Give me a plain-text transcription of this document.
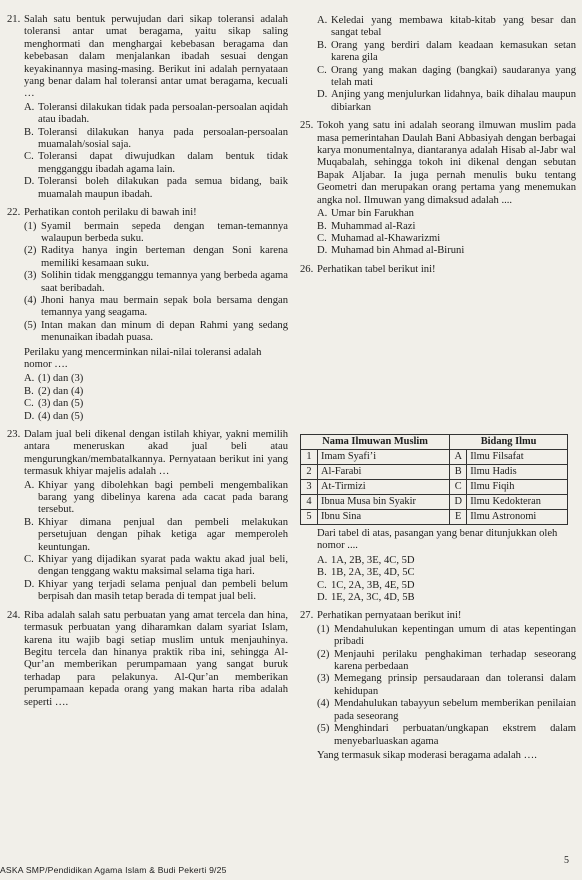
21. Salah satu bentuk perwujudan dari sikap toleransi adalah toleransi antar umat beragama, yaitu sikap saling menghormati dan menghargai kebebasan beragama dan kebebasan dalam menjalankan ibadah sesuai dengan keyakinannya masing-masing. Berikut ini adalah pernyataan yang benar dalam hal toleransi antar umat beragama, kecuali …

A. Toleransi dilakukan tidak pada persoalan-persoalan aqidah atau ibadah.
B. Toleransi dilakukan hanya pada persoalan-persoalan muamalah/sosial saja.
C. Toleransi dapat diwujudkan dalam bentuk tidak mengganggu ibadah agama lain.
D. Toleransi boleh dilakukan pada semua bidang, baik muamalah maupun ibadah.
22. Perhatikan contoh perilaku di bawah ini!

(1) Syamil bermain sepeda dengan teman-temannya walaupun berbeda suku.
(2) Raditya hanya ingin berteman dengan Soni karena memiliki kesamaan suku.
(3) Solihin tidak mengganggu temannya yang berbeda agama saat beribadah.
(4) Jhoni hanya mau bermain sepak bola bersama dengan temannya yang seagama.
(5) Intan makan dan minum di depan Rahmi yang sedang menunaikan ibadah puasa.

Perilaku yang mencerminkan nilai-nilai toleransi adalah nomor ….

A. (1) dan (3)
B. (2) dan (4)
C. (3) dan (5)
D. (4) dan (5)
23. Dalam jual beli dikenal dengan istilah khiyar, yakni memilih antara meneruskan akad jual beli atau mengurungkan/membatalkannya. Pernyataan berikut ini yang termasuk khiyar majelis adalah …

A. Khiyar yang dibolehkan bagi pembeli mengembalikan barang yang dibelinya karena ada cacat pada barang tersebut.
B. Khiyar dimana penjual dan pembeli melakukan persetujuan dengan pihak ketiga agar memperoleh keuntungan.
C. Khiyar yang dijadikan syarat pada waktu akad jual beli, dengan tenggang waktu maksimal selama tiga hari.
D. Khiyar yang terjadi selama penjual dan pembeli belum berpisah dan masih tetap berada di tempat jual beli.
24. Riba adalah salah satu perbuatan yang amat tercela dan hina, termasuk perbuatan yang diharamkan dalam syariat Islam, karena itu wajib bagi setiap muslim untuk menjauhinya. Begitu tercela dan hinanya praktik riba ini, sehingga Al-Qur’an memberikan perumpamaan yang sangat buruk terhadap para pelakunya. Al-Qur’an memberikan perumpamaan kepada orang yang makan harta riba adalah seperti ….

A. Keledai yang membawa kitab-kitab yang besar dan sangat tebal
B. Orang yang berdiri dalam keadaan kemasukan setan karena gila
C. Orang yang makan daging (bangkai) saudaranya yang telah mati
D. Anjing yang menjulurkan lidahnya, baik dihalau maupun dibiarkan
25. Tokoh yang satu ini adalah seorang ilmuwan muslim pada masa pemerintahan Daulah Bani Abbasiyah dengan berbagai karya monumentalnya, diantaranya adalah Hisab al-Jabr wal Muqabalah, sehingga tokoh ini dikenal dengan sebutan Bapak Aljabar. Ia juga pernah menulis buku tentang Geometri dan merupakan orang pertama yang menemukan angka nol. Ilmuwan yang dimaksud adalah ....

A. Umar bin Farukhan
B. Muhammad al-Razi
C. Muhamad al-Khawarizmi
D. Muhamad bin Ahmad al-Biruni
26. Perhatikan tabel berikut ini!

Nama Ilmuwan Muslim		Bidang Ilmu	
1	Imam Syafi’i	A	Ilmu Filsafat
2	Al-Farabi	B	Ilmu Hadis
3	At-Tirmizi	C	Ilmu Fiqih
4	Ibnua Musa bin Syakir	D	Ilmu Kedokteran
5	Ibnu Sina	E	Ilmu Astronomi

Dari tabel di atas, pasangan yang benar ditunjukkan oleh nomor ....

A. 1A, 2B, 3E, 4C, 5D
B. 1B, 2A, 3E, 4D, 5C
C. 1C, 2A, 3B, 4E, 5D
D. 1E, 2A, 3C, 4D, 5B
27. Perhatikan pernyataan berikut ini!

(1) Mendahulukan kepentingan umum di atas kepentingan pribadi
(2) Menjauhi perilaku penghakiman terhadap seseorang karena perbedaan
(3) Memegang prinsip persaudaraan dan toleransi dalam kehidupan
(4) Mendahulukan tabayyun sebelum memberikan penilaian pada seseorang
(5) Menghindari perbuatan/ungkapan ekstrem dalam menyebarluaskan agama

Yang termasuk sikap moderasi beragama adalah ….

ASKA SMP/Pendidikan Agama Islam & Budi Pekerti 9/25
5
